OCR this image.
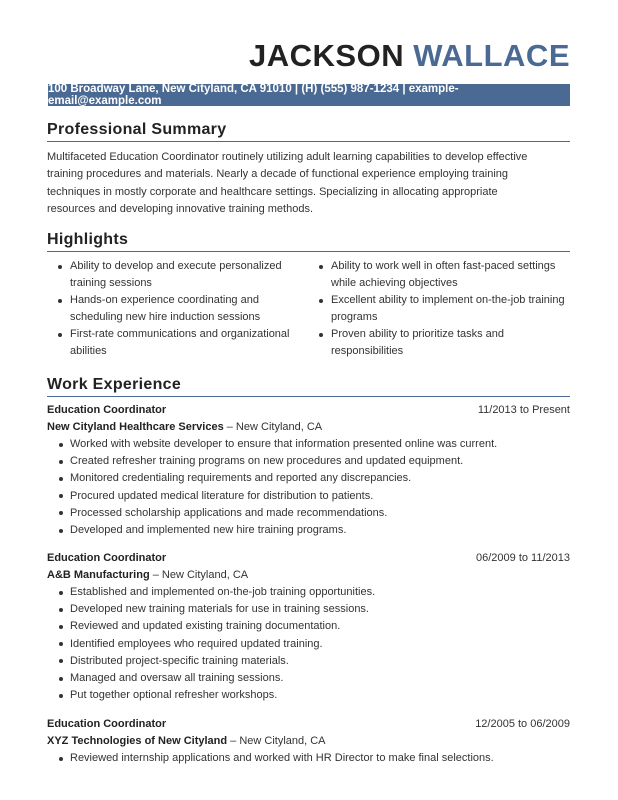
JACKSON WALLACE
100 Broadway Lane, New Cityland, CA 91010 | (H) (555) 987-1234 | example-email@example.com
Professional Summary
Multifaceted Education Coordinator routinely utilizing adult learning capabilities to develop effective training procedures and materials. Nearly a decade of functional experience employing training techniques in mostly corporate and healthcare settings. Specializing in allocating appropriate resources and developing innovative training methods.
Highlights
Ability to develop and execute personalized training sessions
Hands-on experience coordinating and scheduling new hire induction sessions
First-rate communications and organizational abilities
Ability to work well in often fast-paced settings while achieving objectives
Excellent ability to implement on-the-job training programs
Proven ability to prioritize tasks and responsibilities
Work Experience
Education Coordinator	11/2013 to Present
New Cityland Healthcare Services – New Cityland, CA
Worked with website developer to ensure that information presented online was current.
Created refresher training programs on new procedures and updated equipment.
Monitored credentialing requirements and reported any discrepancies.
Procured updated medical literature for distribution to patients.
Processed scholarship applications and made recommendations.
Developed and implemented new hire training programs.
Education Coordinator	06/2009 to 11/2013
A&B Manufacturing – New Cityland, CA
Established and implemented on-the-job training opportunities.
Developed new training materials for use in training sessions.
Reviewed and updated existing training documentation.
Identified employees who required updated training.
Distributed project-specific training materials.
Managed and oversaw all training sessions.
Put together optional refresher workshops.
Education Coordinator	12/2005 to 06/2009
XYZ Technologies of New Cityland – New Cityland, CA
Reviewed internship applications and worked with HR Director to make final selections.
